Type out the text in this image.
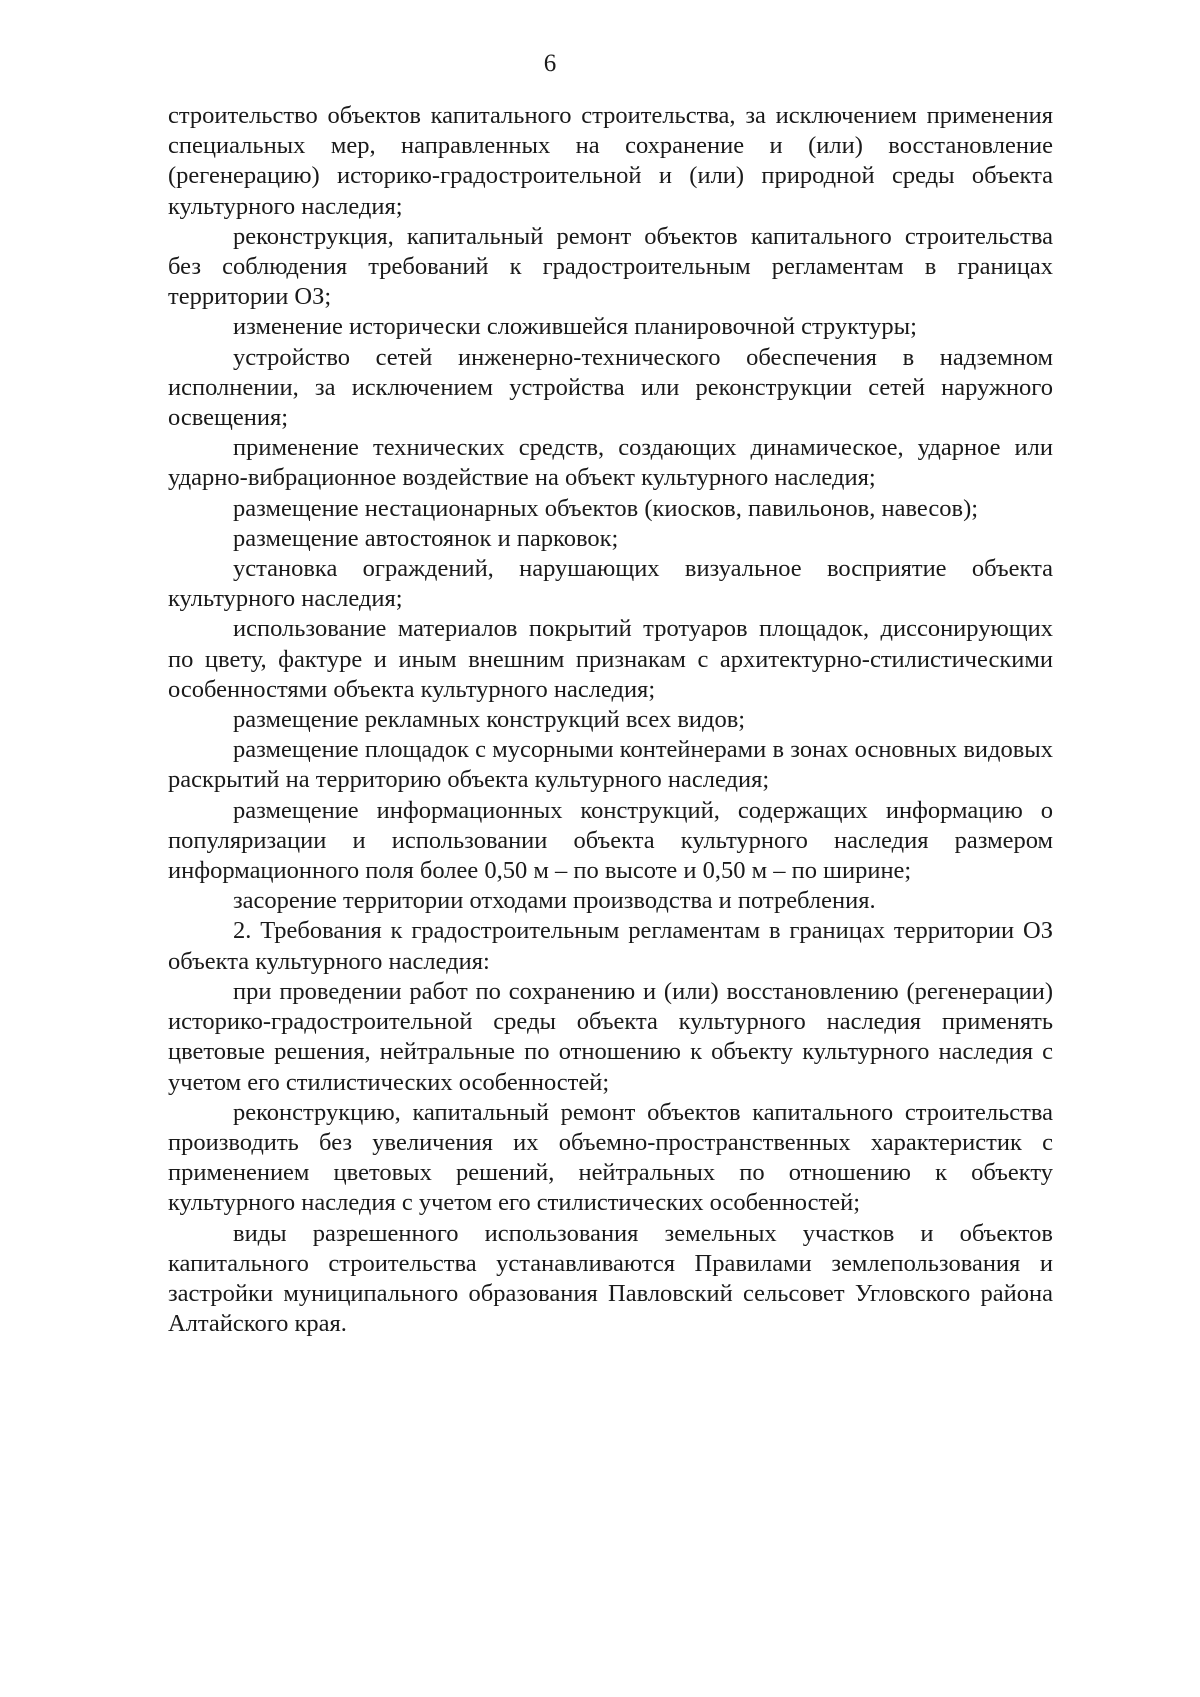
6

строительство объектов капитального строительства, за исключением применения специальных мер, направленных на сохранение и (или) восстановление (регенерацию) историко-градостроительной и (или) природной среды объекта культурного наследия;

реконструкция, капитальный ремонт объектов капитального строительства без соблюдения требований к градостроительным регламентам в границах территории ОЗ;

изменение исторически сложившейся планировочной структуры;

устройство сетей инженерно-технического обеспечения в надземном исполнении, за исключением устройства или реконструкции сетей наружного освещения;

применение технических средств, создающих динамическое, ударное или ударно-вибрационное воздействие на объект культурного наследия;

размещение нестационарных объектов (киосков, павильонов, навесов);

размещение автостоянок и парковок;

установка ограждений, нарушающих визуальное восприятие объекта культурного наследия;

использование материалов покрытий тротуаров площадок, диссонирующих по цвету, фактуре и иным внешним признакам с архитектурно-стилистическими особенностями объекта культурного наследия;

размещение рекламных конструкций всех видов;

размещение площадок с мусорными контейнерами в зонах основных видовых раскрытий на территорию объекта культурного наследия;

размещение информационных конструкций, содержащих информацию о популяризации и использовании объекта культурного наследия размером информационного поля более 0,50 м – по высоте и 0,50 м – по ширине;

засорение территории отходами производства и потребления.

2. Требования к градостроительным регламентам в границах территории ОЗ объекта культурного наследия:

при проведении работ по сохранению и (или) восстановлению (регенерации) историко-градостроительной среды объекта культурного наследия применять цветовые решения, нейтральные по отношению к объекту культурного наследия с учетом его стилистических особенностей;

реконструкцию, капитальный ремонт объектов капитального строительства производить без увеличения их объемно-пространственных характеристик с применением цветовых решений, нейтральных по отношению к объекту культурного наследия с учетом его стилистических особенностей;

виды разрешенного использования земельных участков и объектов капитального строительства устанавливаются Правилами землепользования и застройки муниципального образования Павловский сельсовет Угловского района Алтайского края.
